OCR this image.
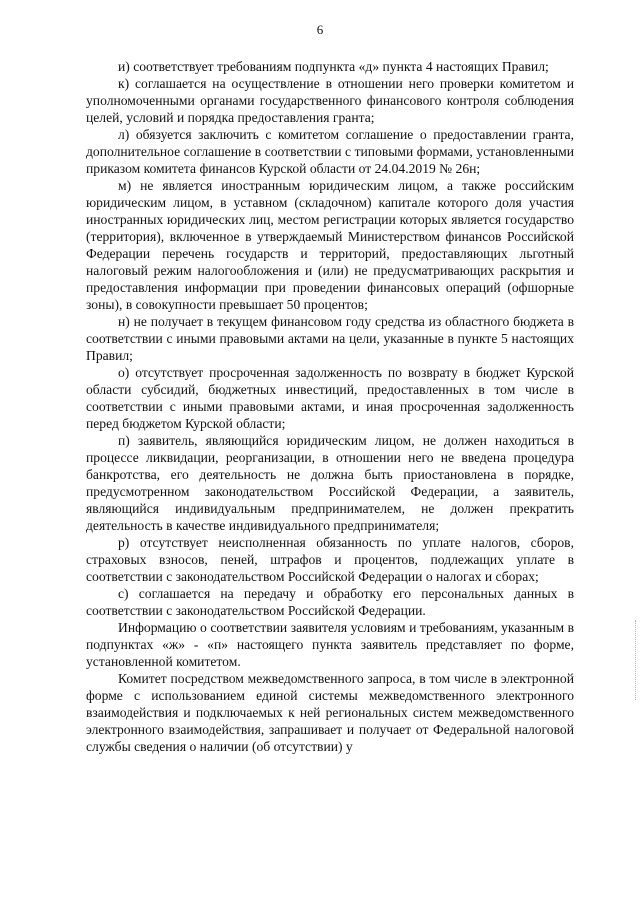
6

и) соответствует требованиям подпункта «д» пункта 4 настоящих Правил;

к) соглашается на осуществление в отношении него проверки комитетом и уполномоченными органами государственного финансового контроля соблюдения целей, условий и порядка предоставления гранта;

л) обязуется заключить с комитетом соглашение о предоставлении гранта, дополнительное соглашение в соответствии с типовыми формами, установленными приказом комитета финансов Курской области от 24.04.2019 № 26н;

м) не является иностранным юридическим лицом, а также российским юридическим лицом, в уставном (складочном) капитале которого доля участия иностранных юридических лиц, местом регистрации которых является государство (территория), включенное в утверждаемый Министерством финансов Российской Федерации перечень государств и территорий, предоставляющих льготный налоговый режим налогообложения и (или) не предусматривающих раскрытия и предоставления информации при проведении финансовых операций (офшорные зоны), в совокупности превышает 50 процентов;

н) не получает в текущем финансовом году средства из областного бюджета в соответствии с иными правовыми актами на цели, указанные в пункте 5 настоящих Правил;

о) отсутствует просроченная задолженность по возврату в бюджет Курской области субсидий, бюджетных инвестиций, предоставленных в том числе в соответствии с иными правовыми актами, и иная просроченная задолженность перед бюджетом Курской области;

п) заявитель, являющийся юридическим лицом, не должен находиться в процессе ликвидации, реорганизации, в отношении него не введена процедура банкротства, его деятельность не должна быть приостановлена в порядке, предусмотренном законодательством Российской Федерации, а заявитель, являющийся индивидуальным предпринимателем, не должен прекратить деятельность в качестве индивидуального предпринимателя;

р) отсутствует неисполненная обязанность по уплате налогов, сборов, страховых взносов, пеней, штрафов и процентов, подлежащих уплате в соответствии с законодательством Российской Федерации о налогах и сборах;

с) соглашается на передачу и обработку его персональных данных в соответствии с законодательством Российской Федерации.

Информацию о соответствии заявителя условиям и требованиям, указанным в подпунктах «ж» - «п» настоящего пункта заявитель представляет по форме, установленной комитетом.

Комитет посредством межведомственного запроса, в том числе в электронной форме с использованием единой системы межведомственного электронного взаимодействия и подключаемых к ней региональных систем межведомственного электронного взаимодействия, запрашивает и получает от Федеральной налоговой службы сведения о наличии (об отсутствии) у
